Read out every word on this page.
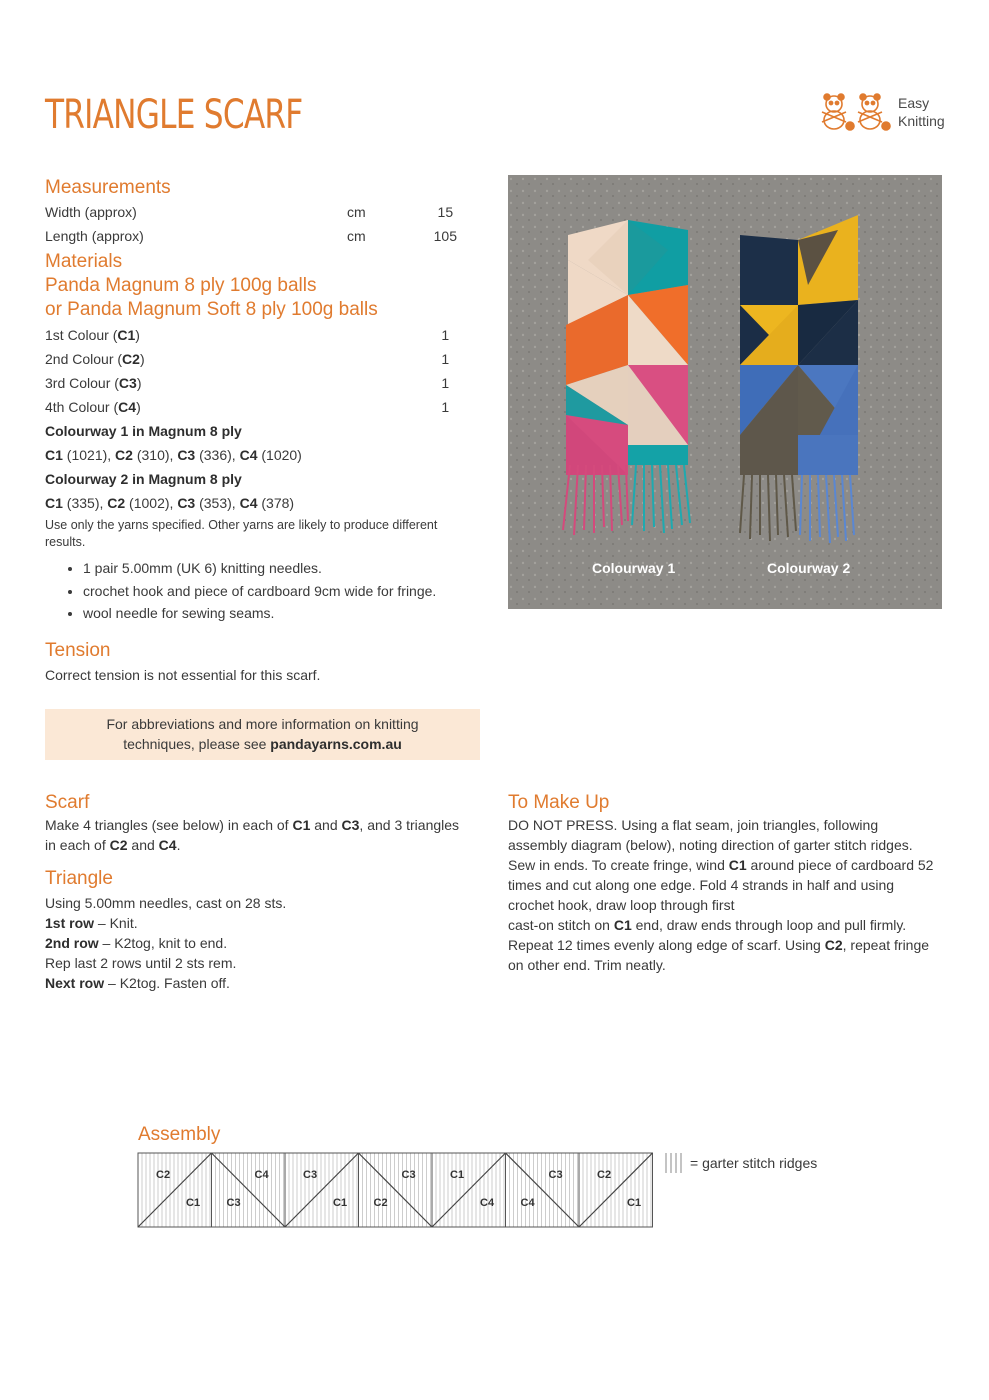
TRIANGLE SCARF	Easy
Knitting
Measurements
Width (approx)	cm	15
Length (approx)	cm	105
Materials
Panda Magnum 8 ply 100g balls
or Panda Magnum Soft 8 ply 100g balls
1st Colour (C1)	1
2nd Colour (C2)	1
3rd Colour (C3)	1
4th Colour (C4)	1
Colourway 1 in Magnum 8 ply
C1 (1021), C2 (310), C3 (336), C4 (1020)
Colourway 2 in Magnum 8 ply
C1 (335), C2 (1002), C3 (353), C4 (378)
Use only the yarns specified. Other yarns are likely to produce different results.
• 1 pair 5.00mm (UK 6) knitting needles.
• crochet hook and piece of cardboard 9cm wide for fringe.
• wool needle for sewing seams.
Tension
Correct tension is not essential for this scarf.
For abbreviations and more information on knitting
techniques, please see pandayarns.com.au
Colourway 1	Colourway 2
Scarf
Make 4 triangles (see below) in each of C1 and C3, and 3 triangles in each of C2 and C4.
Triangle
Using 5.00mm needles, cast on 28 sts.
1st row – Knit.
2nd row – K2tog, knit to end.
Rep last 2 rows until 2 sts rem.
Next row – K2tog. Fasten off.
To Make Up
DO NOT PRESS. Using a flat seam, join triangles, following assembly diagram (below), noting direction of garter stitch ridges. Sew in ends. To create fringe, wind C1 around piece of cardboard 52 times and cut along one edge. Fold 4 strands in half and using crochet hook, draw loop through first
cast-on stitch on C1 end, draw ends through loop and pull firmly. Repeat 12 times evenly along edge of scarf. Using C2, repeat fringe on other end. Trim neatly.
Assembly
C2
C1
C4
C3
C3
C1
C3
C2
C1
C4
C3
C4
C2
C1
= garter stitch ridges
